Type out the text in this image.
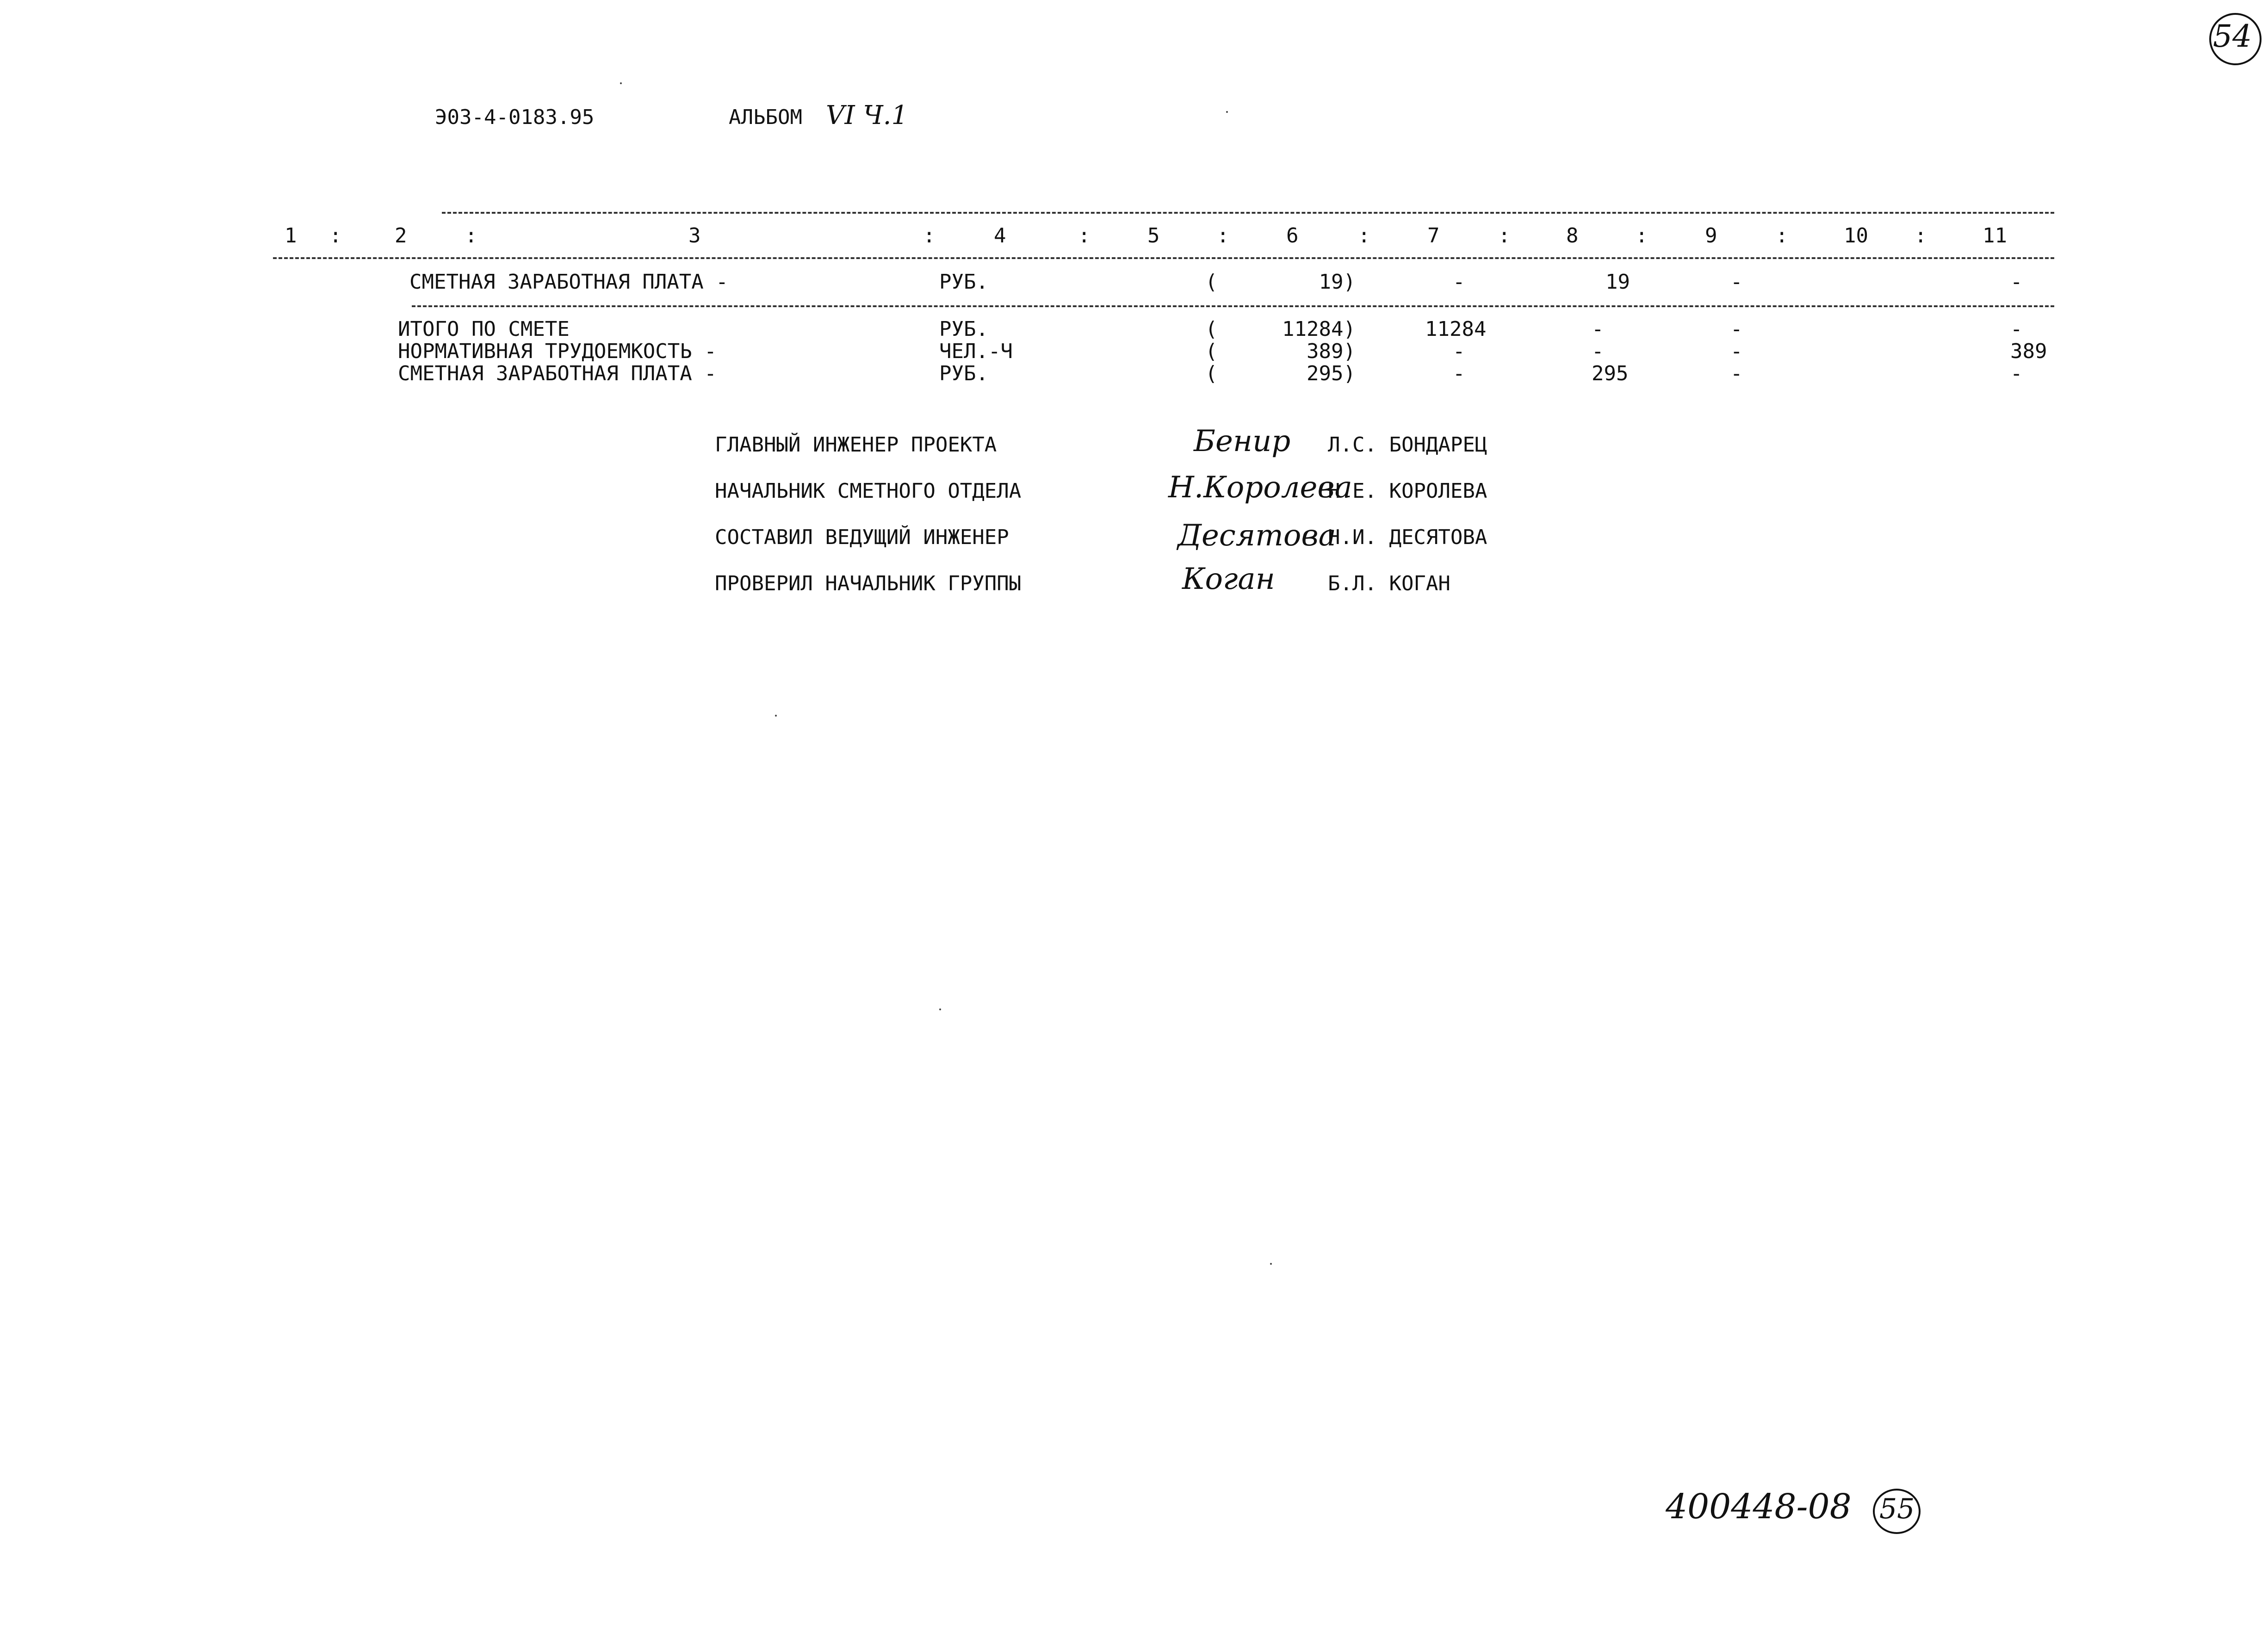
Э03-4-0183.95	АЛЬБОМ VI Ч.1
54
1 :	2	:	3	:	4	:	5	:	6	:	7	:	8	:	9	:	10 :	11
СМЕТНАЯ ЗАРАБОТНАЯ ПЛАТА -	РУБ.	(	19)	-	19	-	-
ИТОГО ПО СМЕТЕ	РУБ.	(	11284)	11284	-	-	-
НОРМАТИВНАЯ ТРУДОЕМКОСТЬ -	ЧЕЛ.-Ч	(	389)	-	-	-	389
СМЕТНАЯ ЗАРАБОТНАЯ ПЛАТА -	РУБ.	(	295)	-	295	-	-
ГЛАВНЫЙ ИНЖЕНЕР ПРОЕКТА	Бенир Л.С. БОНДАРЕЦ
НАЧАЛЬНИК СМЕТНОГО ОТДЕЛА	Н.Королева
Н.Е. КОРОЛЕВА
СОСТАВИЛ ВЕДУЩИЙ ИНЖЕНЕР	Десятова
Н.И. ДЕСЯТОВА
ПРОВЕРИЛ НАЧАЛЬНИК ГРУППЫ	Коган	Б.Л. КОГАН
400448-08 55
